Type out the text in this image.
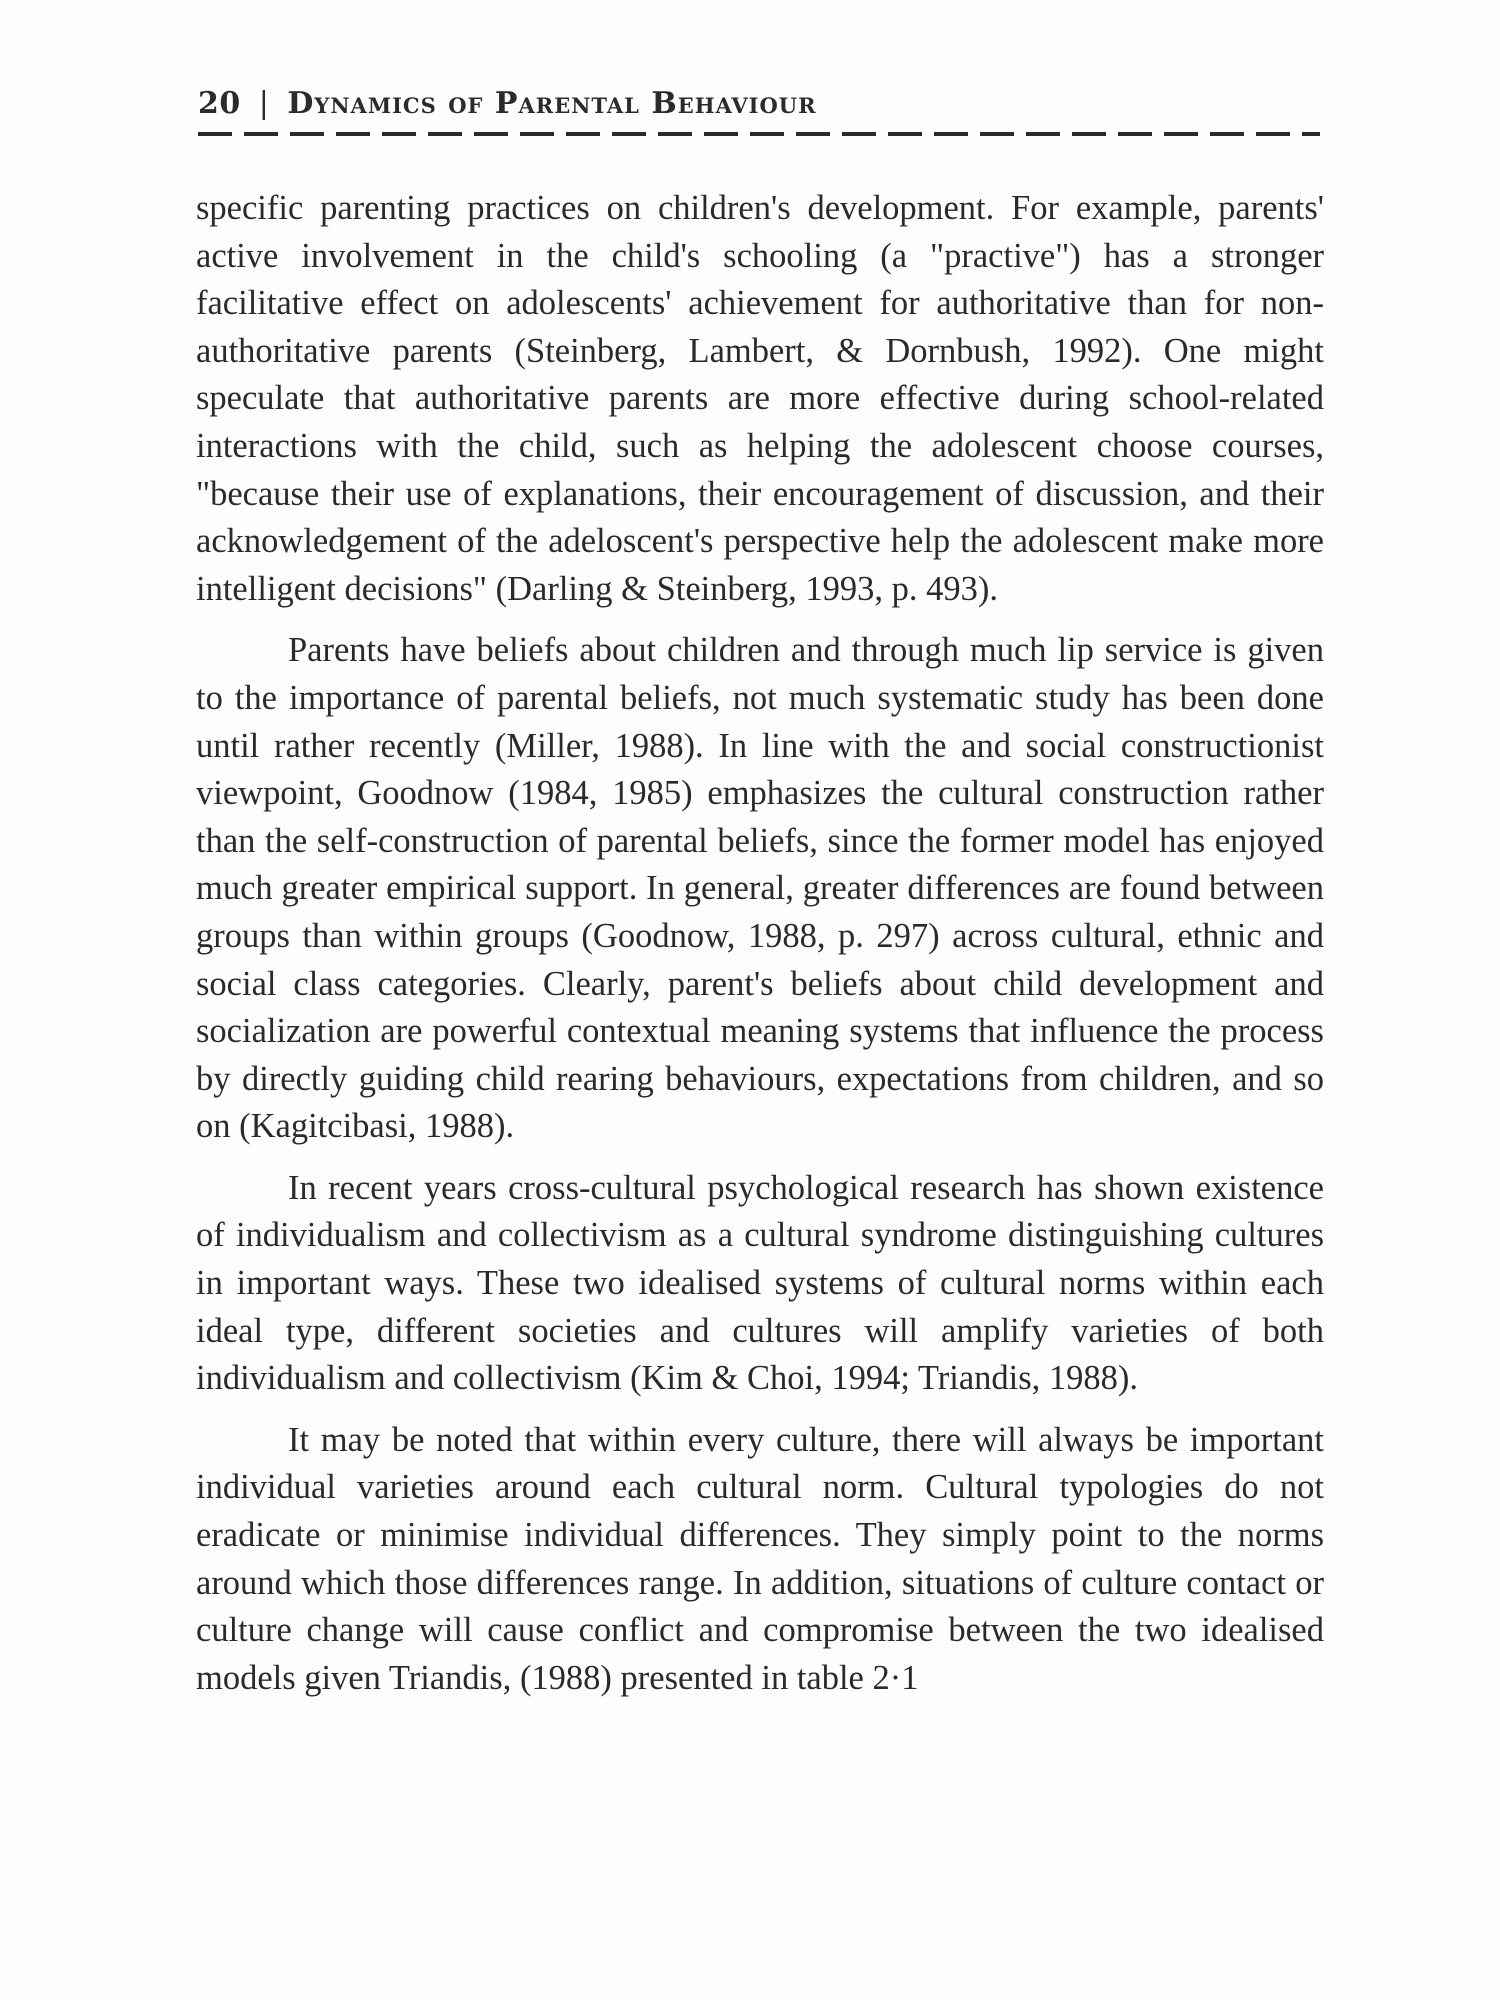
20 | Dynamics of Parental Behaviour

specific parenting practices on children's development. For example, parents' active involvement in the child's schooling (a "practive") has a stronger facilitative effect on adolescents' achievement for authoritative than for non-authoritative parents (Steinberg, Lambert, & Dornbush, 1992). One might speculate that authoritative parents are more effective during school-related interactions with the child, such as helping the adolescent choose courses, "because their use of explanations, their encouragement of discussion, and their acknowledgement of the adeloscent's perspective help the adolescent make more intelligent decisions" (Darling & Steinberg, 1993, p. 493).

Parents have beliefs about children and through much lip service is given to the importance of parental beliefs, not much systematic study has been done until rather recently (Miller, 1988). In line with the and social constructionist viewpoint, Goodnow (1984, 1985) emphasizes the cultural construction rather than the self-construction of parental beliefs, since the former model has enjoyed much greater empirical support. In general, greater differences are found between groups than within groups (Goodnow, 1988, p. 297) across cultural, ethnic and social class categories. Clearly, parent's beliefs about child development and socialization are powerful contextual meaning systems that influence the process by directly guiding child rearing behaviours, expectations from children, and so on (Kagitcibasi, 1988).

In recent years cross-cultural psychological research has shown existence of individualism and collectivism as a cultural syndrome distinguishing cultures in important ways. These two idealised systems of cultural norms within each ideal type, different societies and cultures will amplify varieties of both individualism and collectivism (Kim & Choi, 1994; Triandis, 1988).

It may be noted that within every culture, there will always be important individual varieties around each cultural norm. Cultural typologies do not eradicate or minimise individual differences. They simply point to the norms around which those differences range. In addition, situations of culture contact or culture change will cause conflict and compromise between the two idealised models given Triandis, (1988) presented in table 2·1
